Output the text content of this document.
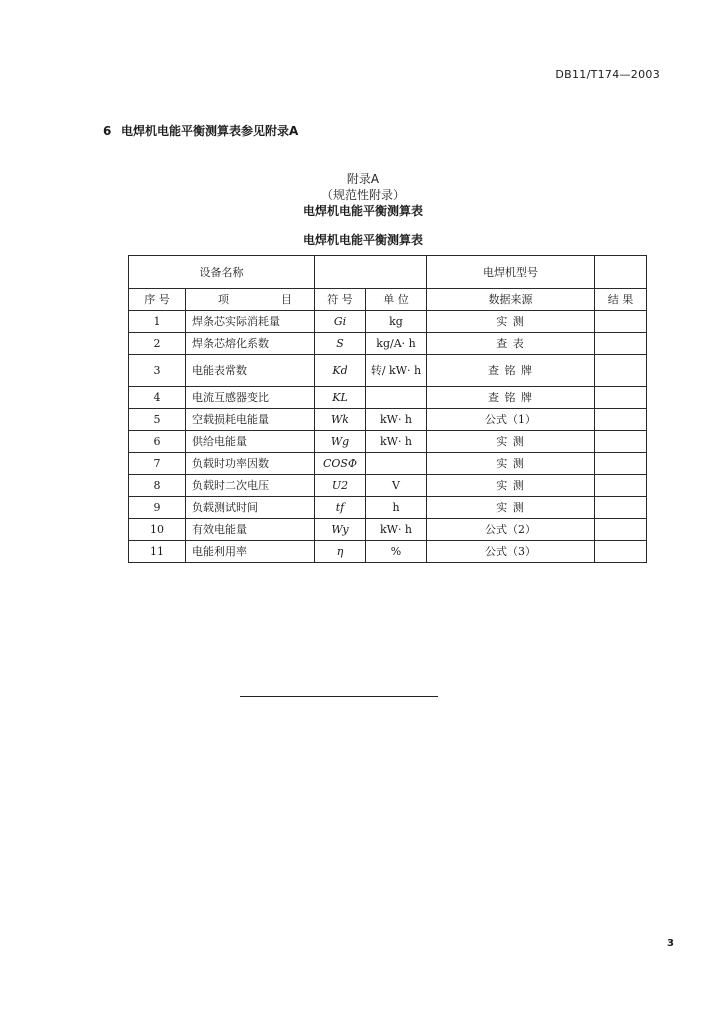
DB11/T174—2003
6 电焊机电能平衡测算表参见附录A
附录A
（规范性附录）
电焊机电能平衡测算表
电焊机电能平衡测算表
设备名称				电焊机型号	
序 号	项 目	符 号	单 位	数据来源	结 果
1	焊条芯实际消耗量	Gi	kg	实 测	
2	焊条芯熔化系数	S	kg/A· h	查 表	
3	电能表常数	Kd	转/ kW· h	查 铭 牌	
4	电流互感器变比	KL		查 铭 牌	
5	空载损耗电能量	Wk	kW· h	公式（1）	
6	供给电能量	Wg	kW· h	实 测	
7	负载时功率因数	COSΦ		实 测	
8	负载时二次电压	U2	V	实 测	
9	负载测试时间	tf	h	实 测	
10	有效电能量	Wy	kW· h	公式（2）	
11	电能利用率	η	%	公式（3）	
3
